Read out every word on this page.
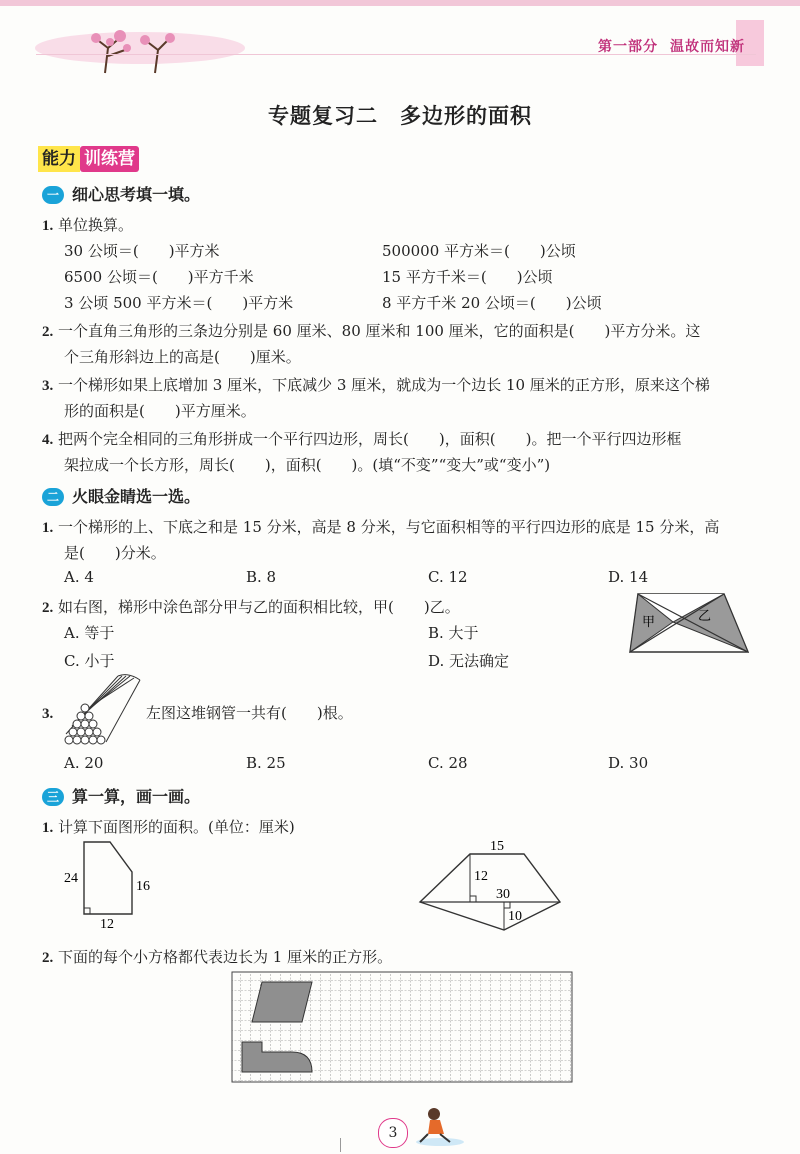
第一部分 温故而知新
专题复习二　多边形的面积
能力 训练营
一 细心思考填一填。
1. 单位换算。
30 公顷＝(　　)平方米	500000 平方米＝(　　)公顷
6500 公顷＝(　　)平方千米	15 平方千米＝(　　)公顷
3 公顷 500 平方米＝(　　)平方米	8 平方千米 20 公顷＝(　　)公顷
2. 一个直角三角形的三条边分别是 60 厘米、80 厘米和 100 厘米，它的面积是(　　)平方分米。这
个三角形斜边上的高是(　　)厘米。
3. 一个梯形如果上底增加 3 厘米，下底减少 3 厘米，就成为一个边长 10 厘米的正方形，原来这个梯
形的面积是(　　)平方厘米。
4. 把两个完全相同的三角形拼成一个平行四边形，周长(　　)，面积(　　)。把一个平行四边形框
架拉成一个长方形，周长(　　)，面积(　　)。(填“不变”“变大”或“变小”)
二 火眼金睛选一选。
1. 一个梯形的上、下底之和是 15 分米，高是 8 分米，与它面积相等的平行四边形的底是 15 分米，高
是(　　)分米。
A. 4	B. 8	C. 12	D. 14
2. 如右图，梯形中涂色部分甲与乙的面积相比较，甲(　　)乙。
A. 等于	B. 大于
C. 小于	D. 无法确定
甲	乙
3.	左图这堆钢管一共有(　　)根。
A. 20	B. 25	C. 28	D. 30
三 算一算，画一画。
1. 计算下面图形的面积。(单位：厘米)
24
16
12
15
12
30
10
2. 下面的每个小方格都代表边长为 1 厘米的正方形。
3
